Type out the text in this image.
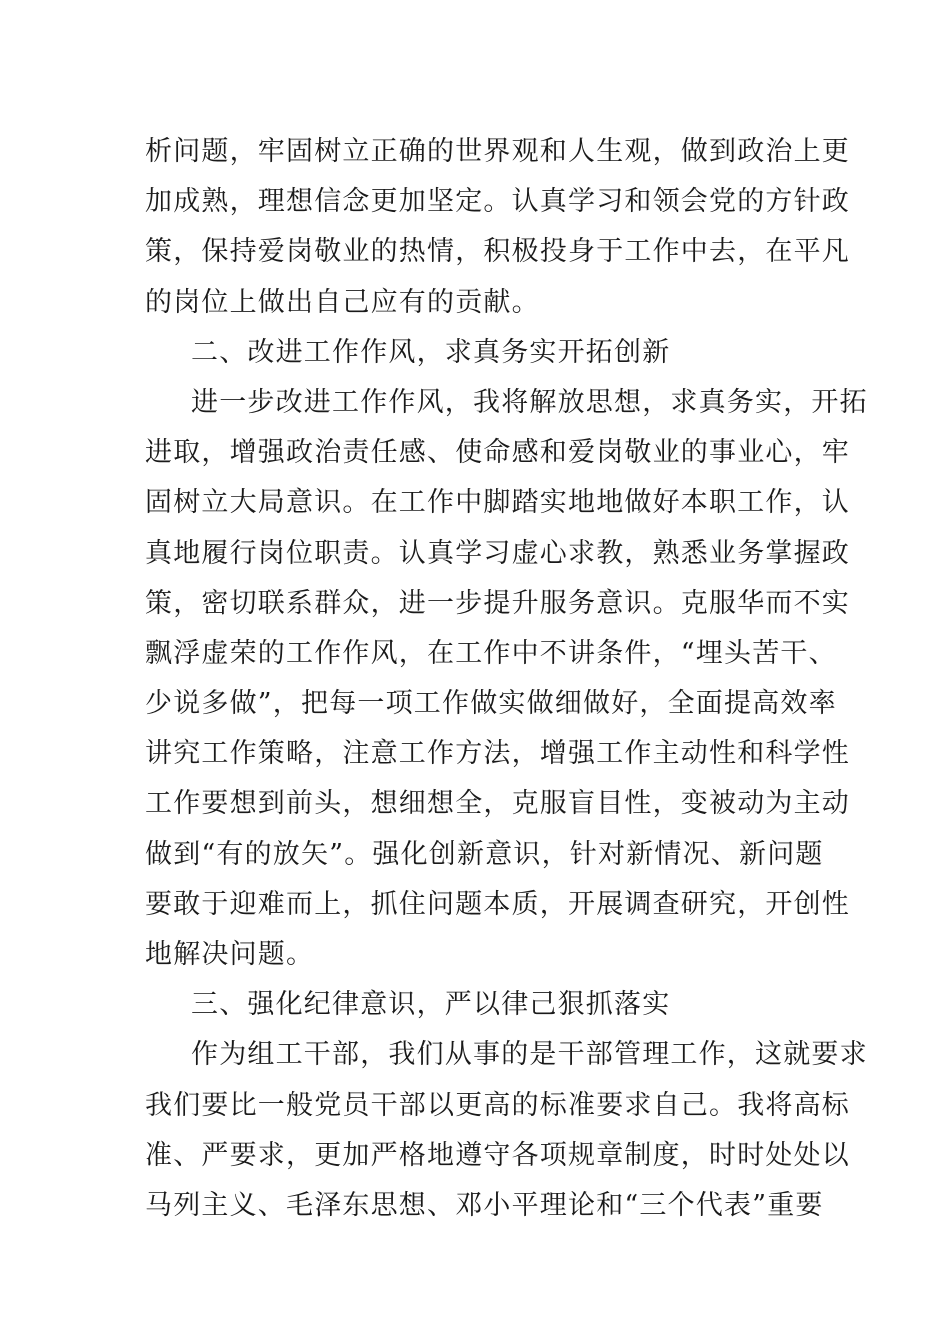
析问题，牢固树立正确的世界观和人生观，做到政治上更
加成熟，理想信念更加坚定。认真学习和领会党的方针政
策，保持爱岗敬业的热情，积极投身于工作中去，在平凡
的岗位上做出自己应有的贡献。
二、改进工作作风，求真务实开拓创新
进一步改进工作作风，我将解放思想，求真务实，开拓
进取，增强政治责任感、使命感和爱岗敬业的事业心，牢
固树立大局意识。在工作中脚踏实地地做好本职工作，认
真地履行岗位职责。认真学习虚心求教，熟悉业务掌握政
策，密切联系群众，进一步提升服务意识。克服华而不实
飘浮虚荣的工作作风，在工作中不讲条件，“埋头苦干、
少说多做”，把每一项工作做实做细做好，全面提高效率
讲究工作策略，注意工作方法，增强工作主动性和科学性
工作要想到前头，想细想全，克服盲目性，变被动为主动
做到“有的放矢”。强化创新意识，针对新情况、新问题
要敢于迎难而上，抓住问题本质，开展调查研究，开创性
地解决问题。
三、强化纪律意识，严以律己狠抓落实
作为组工干部，我们从事的是干部管理工作，这就要求
我们要比一般党员干部以更高的标准要求自己。我将高标
准、严要求，更加严格地遵守各项规章制度，时时处处以
马列主义、毛泽东思想、邓小平理论和“三个代表”重要
